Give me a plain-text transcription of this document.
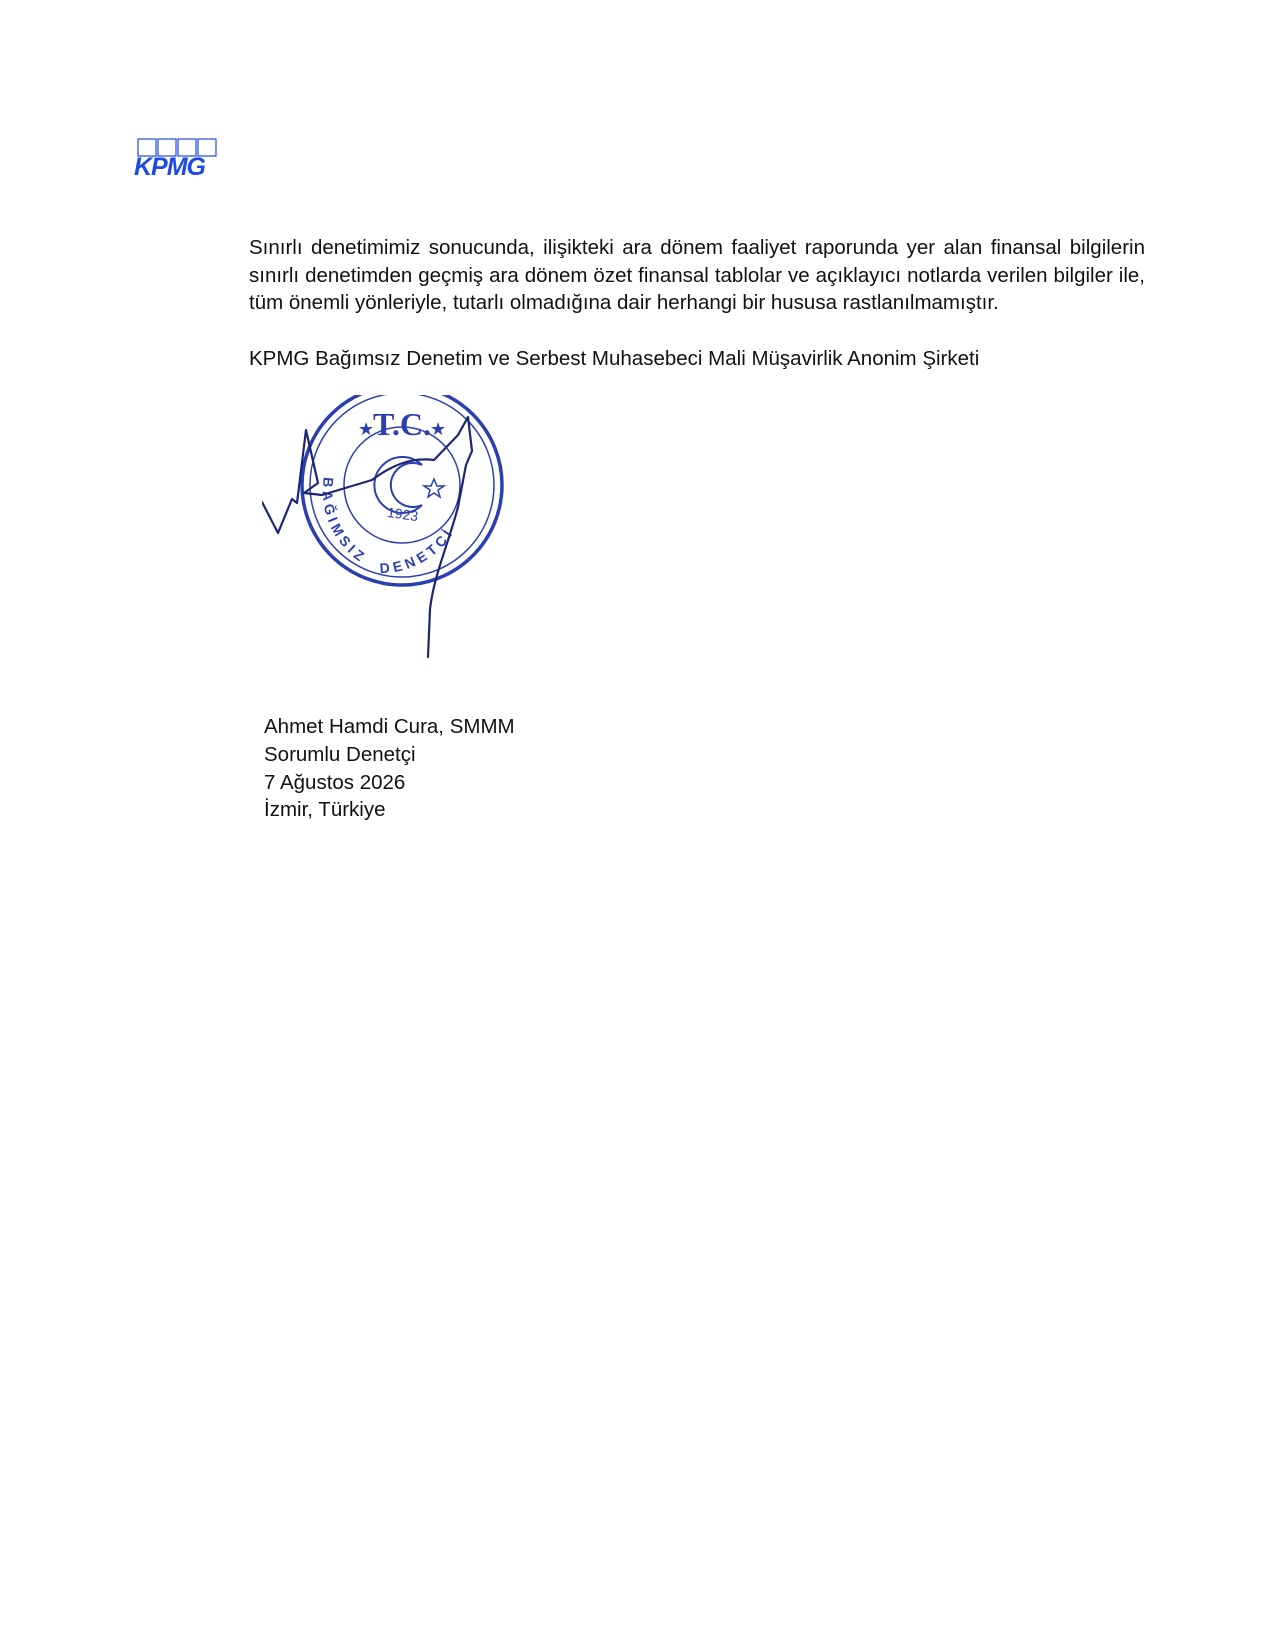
KPMG

Sınırlı denetimimiz sonucunda, ilişikteki ara dönem faaliyet raporunda yer alan finansal bilgilerin sınırlı denetimden geçmiş ara dönem özet finansal tablolar ve açıklayıcı notlarda verilen bilgiler ile, tüm önemli yönleriyle, tutarlı olmadığına dair herhangi bir hususa rastlanılmamıştır.

KPMG Bağımsız Denetim ve Serbest Muhasebeci Mali Müşavirlik Anonim Şirketi

T.C.
★	★
BAĞIMSIZ
DENETÇİ
1923
Ahmet Hamdi Cura, SMMM
Sorumlu Denetçi
7 Ağustos 2026
İzmir, Türkiye
